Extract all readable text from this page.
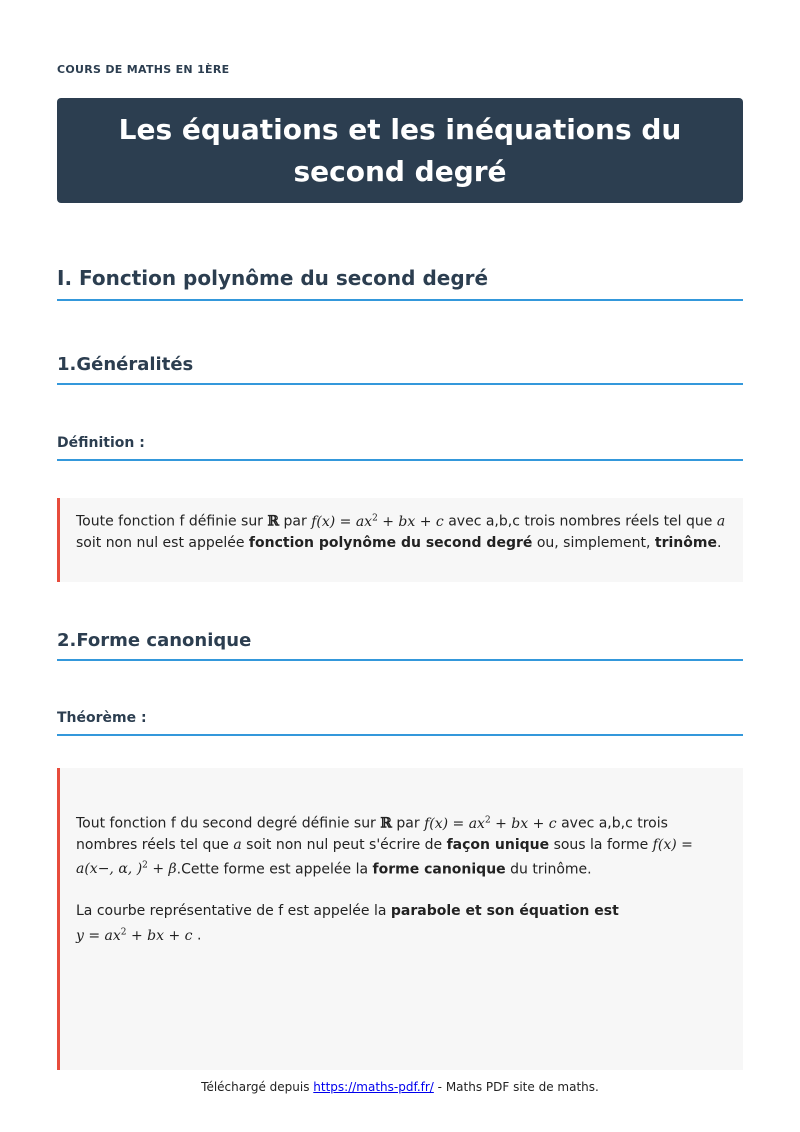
COURS DE MATHS EN 1ÈRE
Les équations et les inéquations du second degré
I. Fonction polynôme du second degré
1.Généralités
Définition :

Toute fonction f définie sur ℝ par $f(x) = ax^2$ + bx + c avec a,b,c trois nombres réels tel que a soit non nul est appelée fonction polynôme du second degré ou, simplement, trinôme.

2.Forme canonique
Théorème :

Tout fonction f du second degré définie sur ℝ par $f(x) = ax^2$ + bx + c avec a,b,c trois nombres réels tel que a soit non nul peut s'écrire de façon unique sous la forme f(x) = a(x−, α, )$^2$ + β.Cette forme est appelée la forme canonique du trinôme.

La courbe représentative de f est appelée la parabole et son équation est
$y = ax^2$ + bx + c .

Téléchargé depuis https://maths-pdf.fr/ - Maths PDF site de maths.
